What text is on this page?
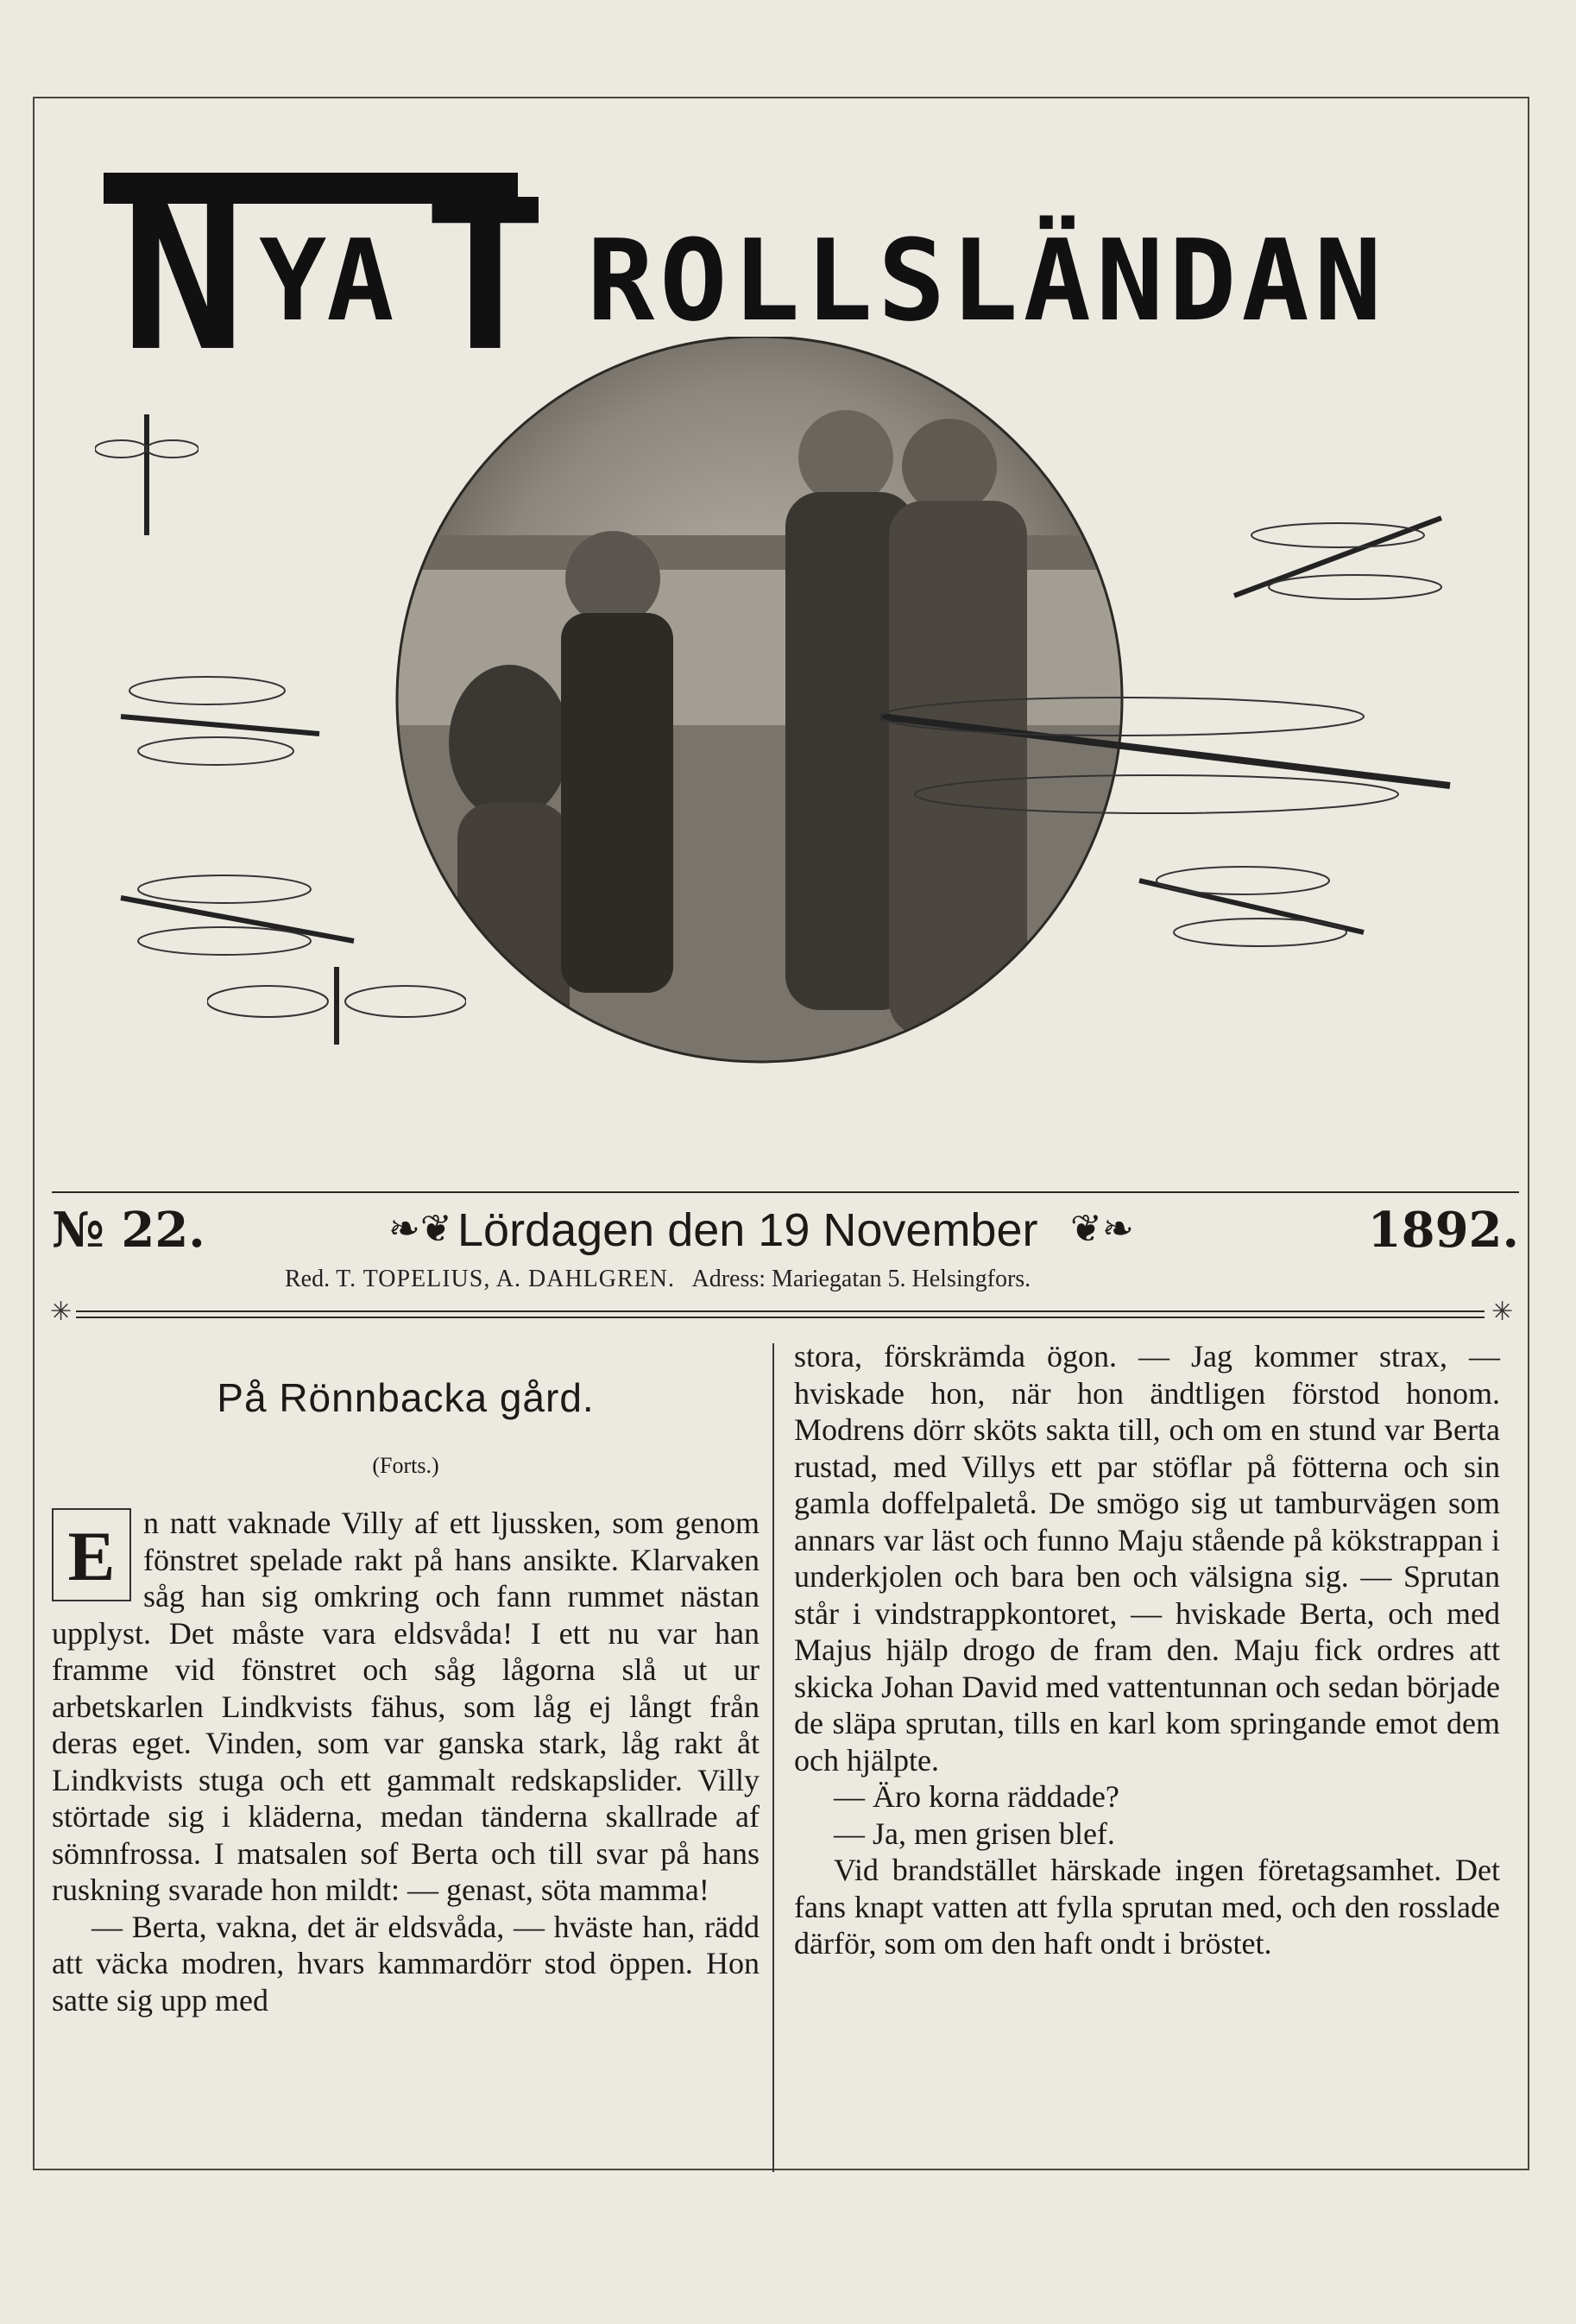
N YA T ROLLSLÄNDAN
№ 22.	❧❦ Lördagen den 19 November ❦❧	1892.
Red. T. TOPELIUS, A. DAHLGREN. Adress: Mariegatan 5. Helsingfors.
✳	✳
På Rönnbacka gård.
(Forts.)
E n natt vaknade Villy af ett ljussken, som genom fönstret spelade rakt på hans ansikte. Klarvaken såg han sig omkring och fann rummet nästan upplyst. Det måste vara eldsvåda! I ett nu var han framme vid fönstret och såg lågorna slå ut ur arbetskarlen Lindkvists fähus, som låg ej långt från deras eget. Vinden, som var ganska stark, låg rakt åt Lindkvists stuga och ett gammalt redskapslider. Villy störtade sig i kläderna, medan tänderna skallrade af sömnfrossa. I matsalen sof Berta och till svar på hans ruskning svarade hon mildt: — genast, söta mamma!

— Berta, vakna, det är eldsvåda, — hväste han, rädd att väcka modren, hvars kammardörr stod öppen. Hon satte sig upp med

stora, förskrämda ögon. — Jag kommer strax, — hviskade hon, när hon ändtligen förstod honom. Modrens dörr sköts sakta till, och om en stund var Berta rustad, med Villys ett par stöflar på fötterna och sin gamla doffelpaletå. De smögo sig ut tamburvägen som annars var läst och funno Maju stående på kökstrappan i underkjolen och bara ben och välsigna sig. — Sprutan står i vindstrappkontoret, — hviskade Berta, och med Majus hjälp drogo de fram den. Maju fick ordres att skicka Johan David med vattentunnan och sedan började de släpa sprutan, tills en karl kom springande emot dem och hjälpte.

— Äro korna räddade?

— Ja, men grisen blef.

Vid brandstället härskade ingen företagsamhet. Det fans knapt vatten att fylla sprutan med, och den rosslade därför, som om den haft ondt i bröstet.
